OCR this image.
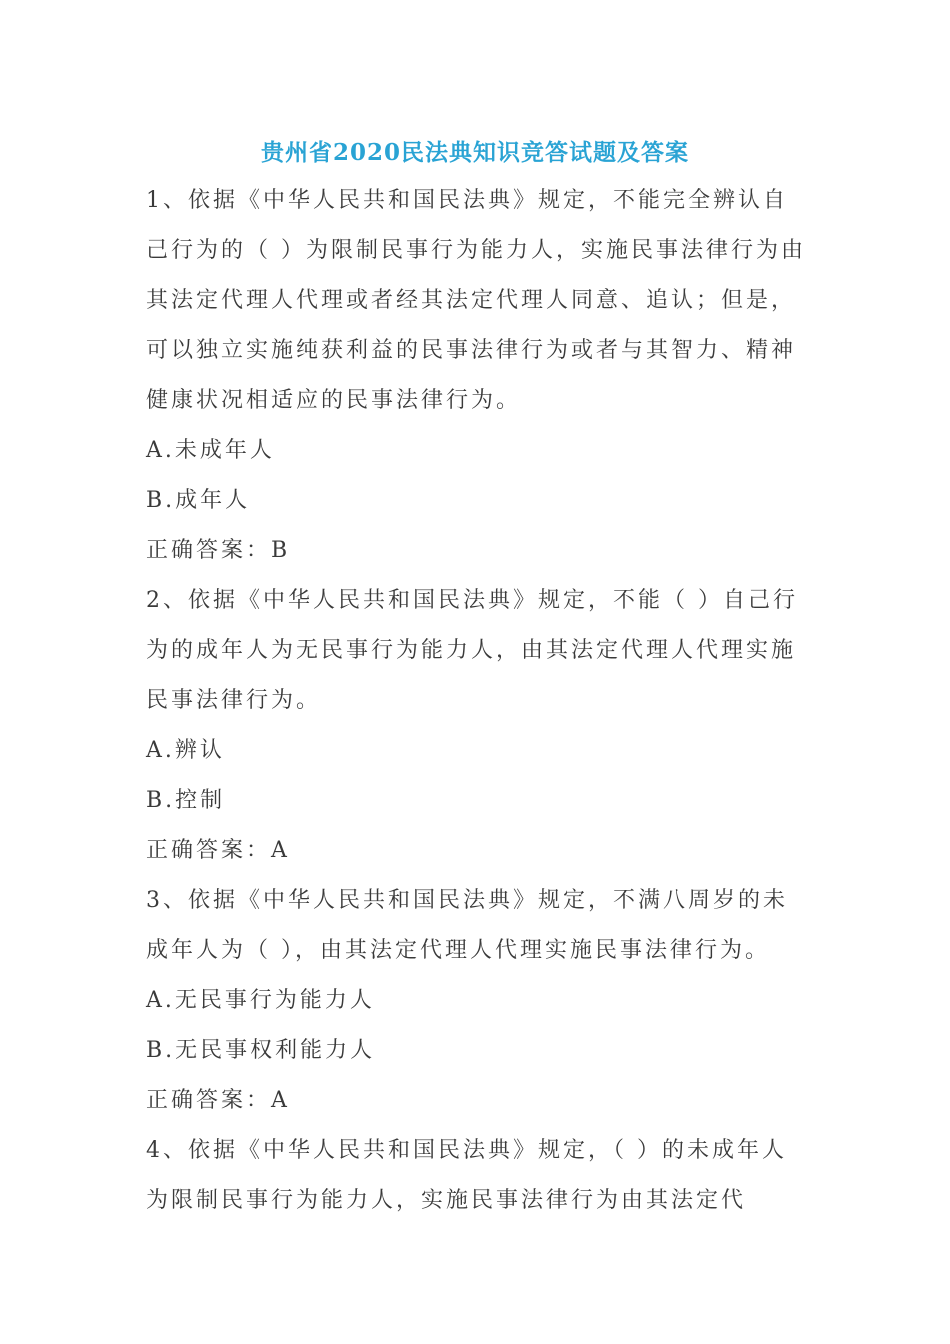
贵州省2020民法典知识竞答试题及答案

1、依据《中华人民共和国民法典》规定，不能完全辨认自己行为的（ ）为限制民事行为能力人，实施民事法律行为由其法定代理人代理或者经其法定代理人同意、追认；但是，可以独立实施纯获利益的民事法律行为或者与其智力、精神健康状况相适应的民事法律行为。

A.未成年人

B.成年人

正确答案：B

2、依据《中华人民共和国民法典》规定，不能（ ）自己行为的成年人为无民事行为能力人，由其法定代理人代理实施民事法律行为。

A.辨认

B.控制

正确答案：A

3、依据《中华人民共和国民法典》规定，不满八周岁的未成年人为（ ），由其法定代理人代理实施民事法律行为。

A.无民事行为能力人

B.无民事权利能力人

正确答案：A

4、依据《中华人民共和国民法典》规定，（ ）的未成年人为限制民事行为能力人，实施民事法律行为由其法定代
